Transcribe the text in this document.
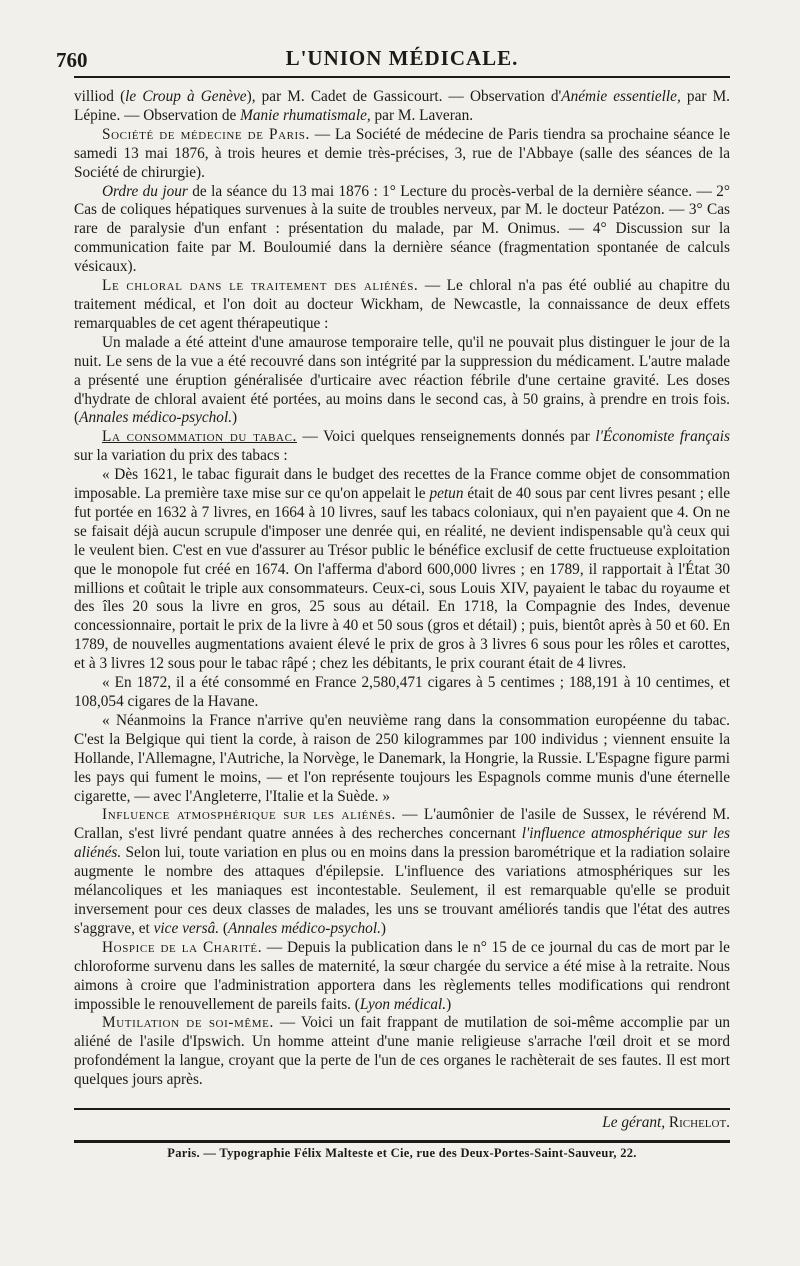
760	L'UNION MÉDICALE.

villiod (le Croup à Genève), par M. Cadet de Gassicourt. — Observation d'Anémie essentielle, par M. Lépine. — Observation de Manie rhumatismale, par M. Laveran.

Société de médecine de Paris. — La Société de médecine de Paris tiendra sa prochaine séance le samedi 13 mai 1876, à trois heures et demie très-précises, 3, rue de l'Abbaye (salle des séances de la Société de chirurgie).

Ordre du jour de la séance du 13 mai 1876 : 1° Lecture du procès-verbal de la dernière séance. — 2° Cas de coliques hépatiques survenues à la suite de troubles nerveux, par M. le docteur Patézon. — 3° Cas rare de paralysie d'un enfant : présentation du malade, par M. Onimus. — 4° Discussion sur la communication faite par M. Bouloumié dans la dernière séance (fragmentation spontanée de calculs vésicaux).

Le chloral dans le traitement des aliénés. — Le chloral n'a pas été oublié au chapitre du traitement médical, et l'on doit au docteur Wickham, de Newcastle, la connaissance de deux effets remarquables de cet agent thérapeutique :

Un malade a été atteint d'une amaurose temporaire telle, qu'il ne pouvait plus distinguer le jour de la nuit. Le sens de la vue a été recouvré dans son intégrité par la suppression du médicament. L'autre malade a présenté une éruption généralisée d'urticaire avec réaction fébrile d'une certaine gravité. Les doses d'hydrate de chloral avaient été portées, au moins dans le second cas, à 50 grains, à prendre en trois fois. (Annales médico-psychol.)

La consommation du tabac. — Voici quelques renseignements donnés par l'Économiste français sur la variation du prix des tabacs :

« Dès 1621, le tabac figurait dans le budget des recettes de la France comme objet de consommation imposable. La première taxe mise sur ce qu'on appelait le petun était de 40 sous par cent livres pesant ; elle fut portée en 1632 à 7 livres, en 1664 à 10 livres, sauf les tabacs coloniaux, qui n'en payaient que 4. On ne se faisait déjà aucun scrupule d'imposer une denrée qui, en réalité, ne devient indispensable qu'à ceux qui le veulent bien. C'est en vue d'assurer au Trésor public le bénéfice exclusif de cette fructueuse exploitation que le monopole fut créé en 1674. On l'afferma d'abord 600,000 livres ; en 1789, il rapportait à l'État 30 millions et coûtait le triple aux consommateurs. Ceux-ci, sous Louis XIV, payaient le tabac du royaume et des îles 20 sous la livre en gros, 25 sous au détail. En 1718, la Compagnie des Indes, devenue concessionnaire, portait le prix de la livre à 40 et 50 sous (gros et détail) ; puis, bientôt après à 50 et 60. En 1789, de nouvelles augmentations avaient élevé le prix de gros à 3 livres 6 sous pour les rôles et carottes, et à 3 livres 12 sous pour le tabac râpé ; chez les débitants, le prix courant était de 4 livres.

« En 1872, il a été consommé en France 2,580,471 cigares à 5 centimes ; 188,191 à 10 centimes, et 108,054 cigares de la Havane.

« Néanmoins la France n'arrive qu'en neuvième rang dans la consommation européenne du tabac. C'est la Belgique qui tient la corde, à raison de 250 kilogrammes par 100 individus ; viennent ensuite la Hollande, l'Allemagne, l'Autriche, la Norvège, le Danemark, la Hongrie, la Russie. L'Espagne figure parmi les pays qui fument le moins, — et l'on représente toujours les Espagnols comme munis d'une éternelle cigarette, — avec l'Angleterre, l'Italie et la Suède. »

Influence atmosphérique sur les aliénés. — L'aumônier de l'asile de Sussex, le révérend M. Crallan, s'est livré pendant quatre années à des recherches concernant l'influence atmosphérique sur les aliénés. Selon lui, toute variation en plus ou en moins dans la pression barométrique et la radiation solaire augmente le nombre des attaques d'épilepsie. L'influence des variations atmosphériques sur les mélancoliques et les maniaques est incontestable. Seulement, il est remarquable qu'elle se produit inversement pour ces deux classes de malades, les uns se trouvant améliorés tandis que l'état des autres s'aggrave, et vice versâ. (Annales médico-psychol.)

Hospice de la Charité. — Depuis la publication dans le n° 15 de ce journal du cas de mort par le chloroforme survenu dans les salles de maternité, la sœur chargée du service a été mise à la retraite. Nous aimons à croire que l'administration apportera dans les règlements telles modifications qui rendront impossible le renouvellement de pareils faits. (Lyon médical.)

Mutilation de soi-même. — Voici un fait frappant de mutilation de soi-même accomplie par un aliéné de l'asile d'Ipswich. Un homme atteint d'une manie religieuse s'arrache l'œil droit et se mord profondément la langue, croyant que la perte de l'un de ces organes le rachèterait de ses fautes. Il est mort quelques jours après.

Le gérant, Richelot.
Paris. — Typographie Félix Malteste et Cie, rue des Deux-Portes-Saint-Sauveur, 22.
